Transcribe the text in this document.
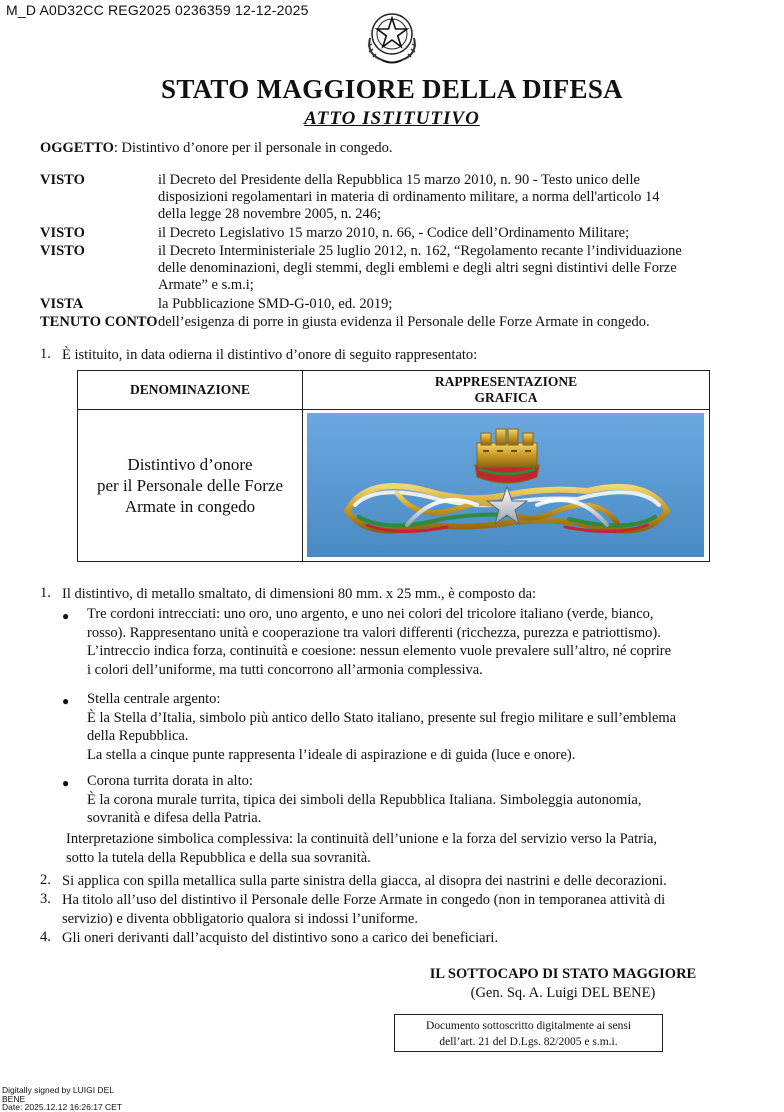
M_D A0D32CC REG2025 0236359 12-12-2025
STATO MAGGIORE DELLA DIFESA
ATTO ISTITUTIVO
OGGETTO: Distintivo d’onore per il personale in congedo.
VISTO	il Decreto del Presidente della Repubblica 15 marzo 2010, n. 90 - Testo unico delle
disposizioni regolamentari in materia di ordinamento militare, a norma dell'articolo 14
della legge 28 novembre 2005, n. 246;
VISTO	il Decreto Legislativo 15 marzo 2010, n. 66, - Codice dell’Ordinamento Militare;
VISTO	il Decreto Interministeriale 25 luglio 2012, n. 162, “Regolamento recante l’individuazione
delle denominazioni, degli stemmi, degli emblemi e degli altri segni distintivi delle Forze
Armate” e s.m.i;
VISTA	la Pubblicazione SMD-G-010, ed. 2019;
TENUTO CONTO dell’esigenza di porre in giusta evidenza il Personale delle Forze Armate in congedo.
1. È istituito, in data odierna il distintivo d’onore di seguito rappresentato:
DENOMINAZIONE	RAPPRESENTAZIONE
GRAFICA

Distintivo d’onore
per il Personale delle Forze
Armate in congedo

1. Il distintivo, di metallo smaltato, di dimensioni 80 mm. x 25 mm., è composto da:
● Tre cordoni intrecciati: uno oro, uno argento, e uno nei colori del tricolore italiano (verde, bianco,
rosso). Rappresentano unità e cooperazione tra valori differenti (ricchezza, purezza e patriottismo).
L’intreccio indica forza, continuità e coesione: nessun elemento vuole prevalere sull’altro, né coprire
i colori dell’uniforme, ma tutti concorrono all’armonia complessiva.
● Stella centrale argento:
È la Stella d’Italia, simbolo più antico dello Stato italiano, presente sul fregio militare e sull’emblema
della Repubblica.
La stella a cinque punte rappresenta l’ideale di aspirazione e di guida (luce e onore).
● Corona turrita dorata in alto:
È la corona murale turrita, tipica dei simboli della Repubblica Italiana. Simboleggia autonomia,
sovranità e difesa della Patria.
Interpretazione simbolica complessiva: la continuità dell’unione e la forza del servizio verso la Patria,
sotto la tutela della Repubblica e della sua sovranità.
2. Si applica con spilla metallica sulla parte sinistra della giacca, al disopra dei nastrini e delle decorazioni.
3. Ha titolo all’uso del distintivo il Personale delle Forze Armate in congedo (non in temporanea attività di
servizio) e diventa obbligatorio qualora si indossi l’uniforme.
4. Gli oneri derivanti dall’acquisto del distintivo sono a carico dei beneficiari.
IL SOTTOCAPO DI STATO MAGGIORE
(Gen. Sq. A. Luigi DEL BENE)
Documento sottoscritto digitalmente ai sensi
dell’art. 21 del D.Lgs. 82/2005 e s.m.i.
Digitally signed by LUIGI DEL
BENE
Date: 2025.12.12 16:26:17 CET
